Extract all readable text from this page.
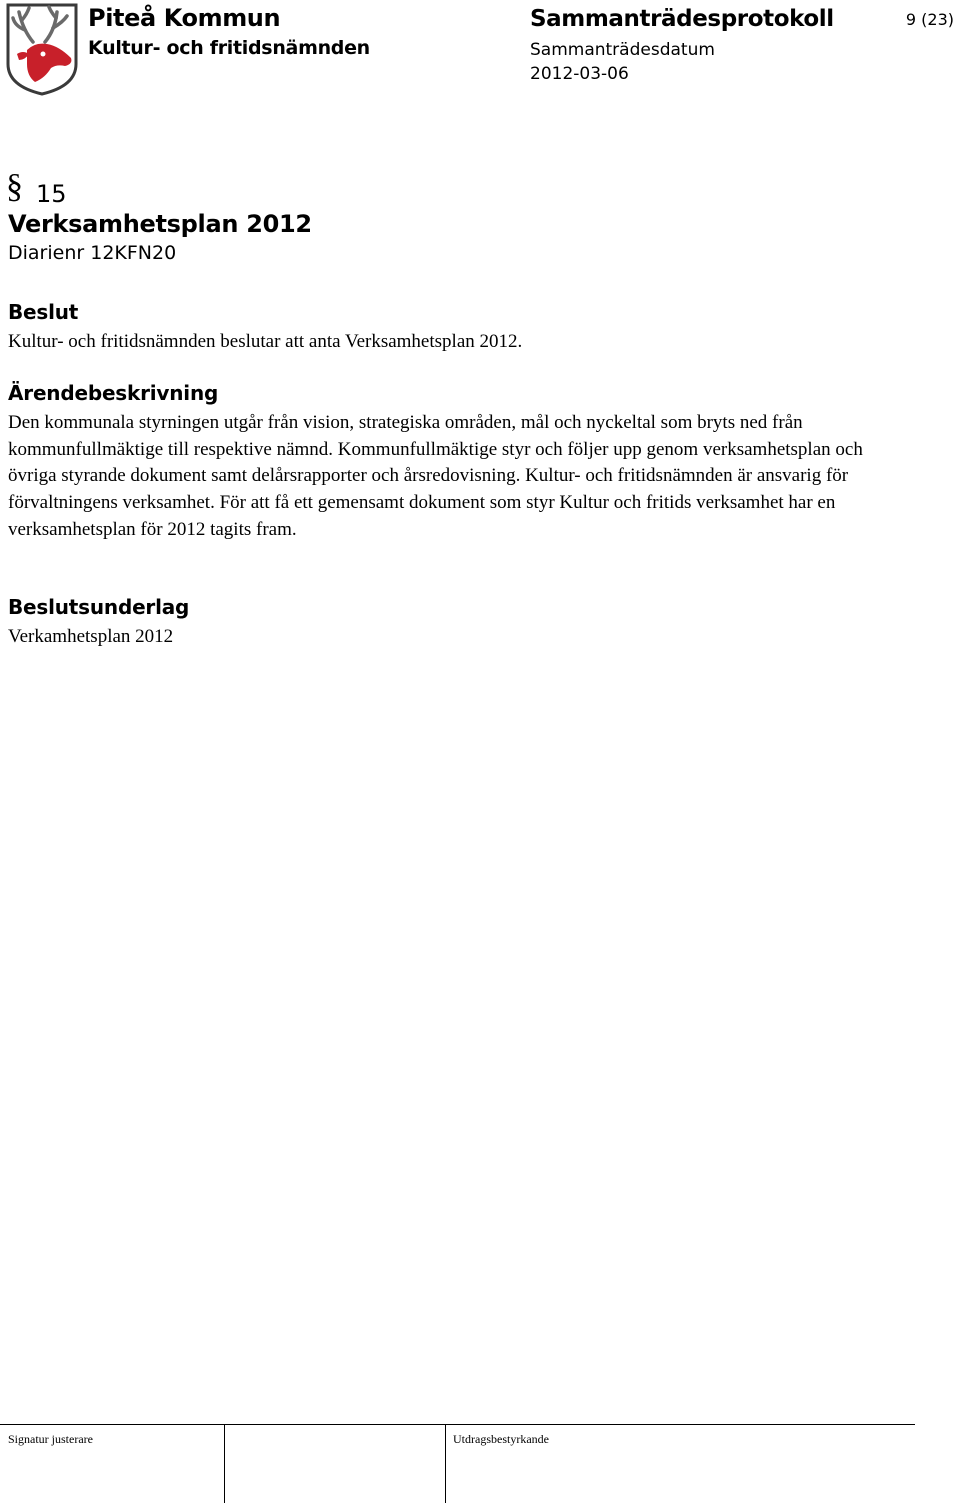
Piteå Kommun
Kultur- och fritidsnämnden
Sammanträdesprotokoll
Sammanträdesdatum
2012-03-06
9 (23)
§ 15
Verksamhetsplan 2012
Diarienr 12KFN20
Beslut
Kultur- och fritidsnämnden beslutar att anta Verksamhetsplan 2012.
Ärendebeskrivning
Den kommunala styrningen utgår från vision, strategiska områden, mål och nyckeltal som bryts ned från kommunfullmäktige till respektive nämnd. Kommunfullmäktige styr och följer upp genom verksamhetsplan och övriga styrande dokument samt delårsrapporter och årsredovisning. Kultur- och fritidsnämnden är ansvarig för förvaltningens verksamhet. För att få ett gemensamt dokument som styr Kultur och fritids verksamhet har en verksamhetsplan för 2012 tagits fram.
Beslutsunderlag
Verkamhetsplan 2012
Signatur justerare	Utdragsbestyrkande
